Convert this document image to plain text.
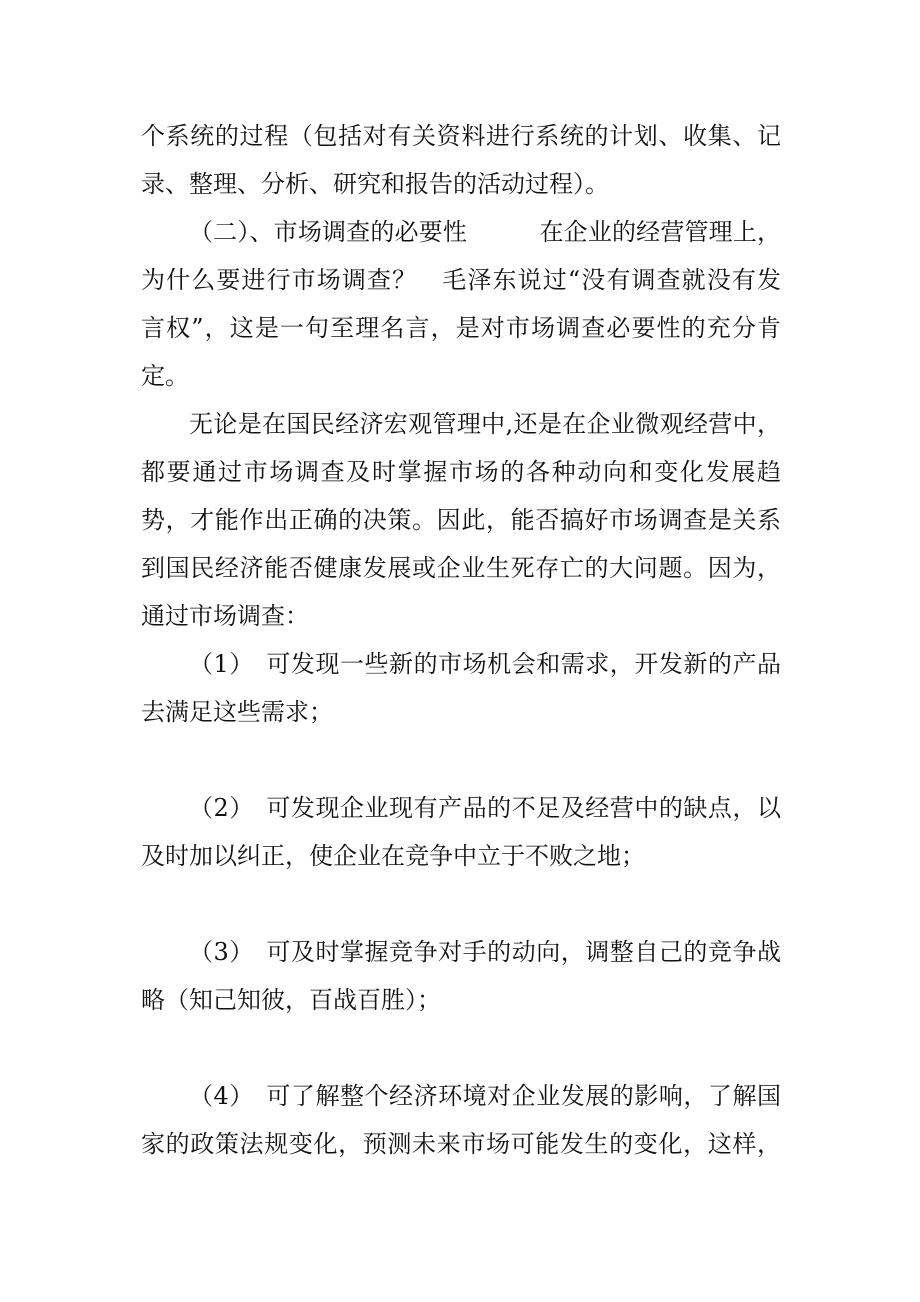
个系统的过程（包括对有关资料进行系统的计划、收集、记
录、整理、分析、研究和报告的活动过程）。
（二）、市场调查的必要性　　　在企业的经营管理上，
为什么要进行市场调查？　毛泽东说过“没有调查就没有发
言权”，这是一句至理名言，是对市场调查必要性的充分肯
定。
无论是在国民经济宏观管理中,还是在企业微观经营中，
都要通过市场调查及时掌握市场的各种动向和变化发展趋
势，才能作出正确的决策。因此，能否搞好市场调查是关系
到国民经济能否健康发展或企业生死存亡的大问题。因为，
通过市场调查：
（1）　可发现一些新的市场机会和需求，开发新的产品
去满足这些需求；
（2）　可发现企业现有产品的不足及经营中的缺点，以
及时加以纠正，使企业在竞争中立于不败之地；
（3）　可及时掌握竞争对手的动向，调整自己的竞争战
略（知己知彼，百战百胜）；
（4）　可了解整个经济环境对企业发展的影响，了解国
家的政策法规变化，预测未来市场可能发生的变化，这样，
